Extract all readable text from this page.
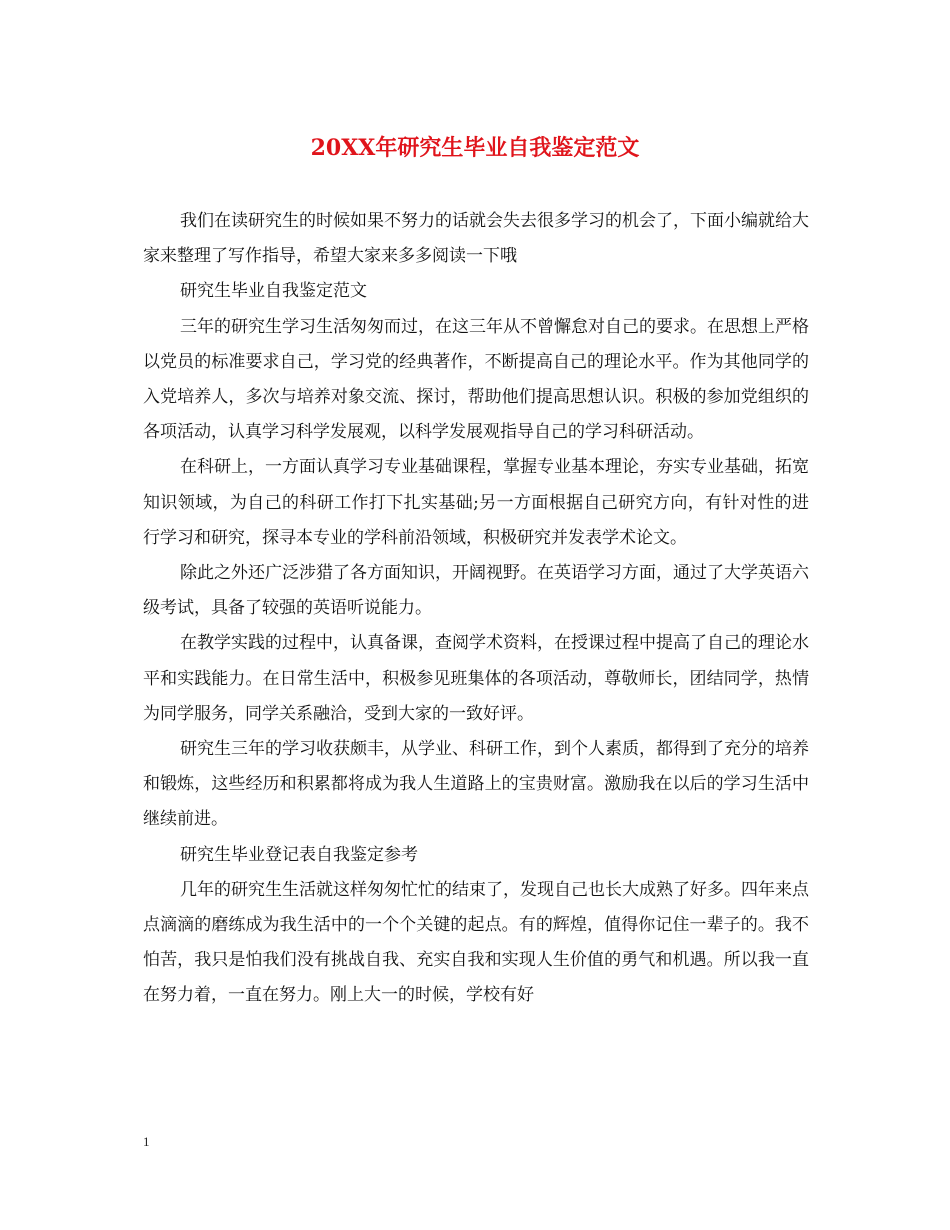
20XX年研究生毕业自我鉴定范文

我们在读研究生的时候如果不努力的话就会失去很多学习的机会了，下面小编就给大家来整理了写作指导，希望大家来多多阅读一下哦

研究生毕业自我鉴定范文

三年的研究生学习生活匆匆而过，在这三年从不曾懈怠对自己的要求。在思想上严格以党员的标准要求自己，学习党的经典著作，不断提高自己的理论水平。作为其他同学的入党培养人，多次与培养对象交流、探讨，帮助他们提高思想认识。积极的参加党组织的各项活动，认真学习科学发展观，以科学发展观指导自己的学习科研活动。

在科研上，一方面认真学习专业基础课程，掌握专业基本理论，夯实专业基础，拓宽知识领域，为自己的科研工作打下扎实基础;另一方面根据自己研究方向，有针对性的进行学习和研究，探寻本专业的学科前沿领域，积极研究并发表学术论文。

除此之外还广泛涉猎了各方面知识，开阔视野。在英语学习方面，通过了大学英语六级考试，具备了较强的英语听说能力。

在教学实践的过程中，认真备课，查阅学术资料，在授课过程中提高了自己的理论水平和实践能力。在日常生活中，积极参见班集体的各项活动，尊敬师长，团结同学，热情为同学服务，同学关系融洽，受到大家的一致好评。

研究生三年的学习收获颇丰，从学业、科研工作，到个人素质，都得到了充分的培养和锻炼，这些经历和积累都将成为我人生道路上的宝贵财富。激励我在以后的学习生活中继续前进。

研究生毕业登记表自我鉴定参考

几年的研究生生活就这样匆匆忙忙的结束了，发现自己也长大成熟了好多。四年来点点滴滴的磨练成为我生活中的一个个关键的起点。有的辉煌，值得你记住一辈子的。我不怕苦，我只是怕我们没有挑战自我、充实自我和实现人生价值的勇气和机遇。所以我一直在努力着，一直在努力。刚上大一的时候，学校有好

1
